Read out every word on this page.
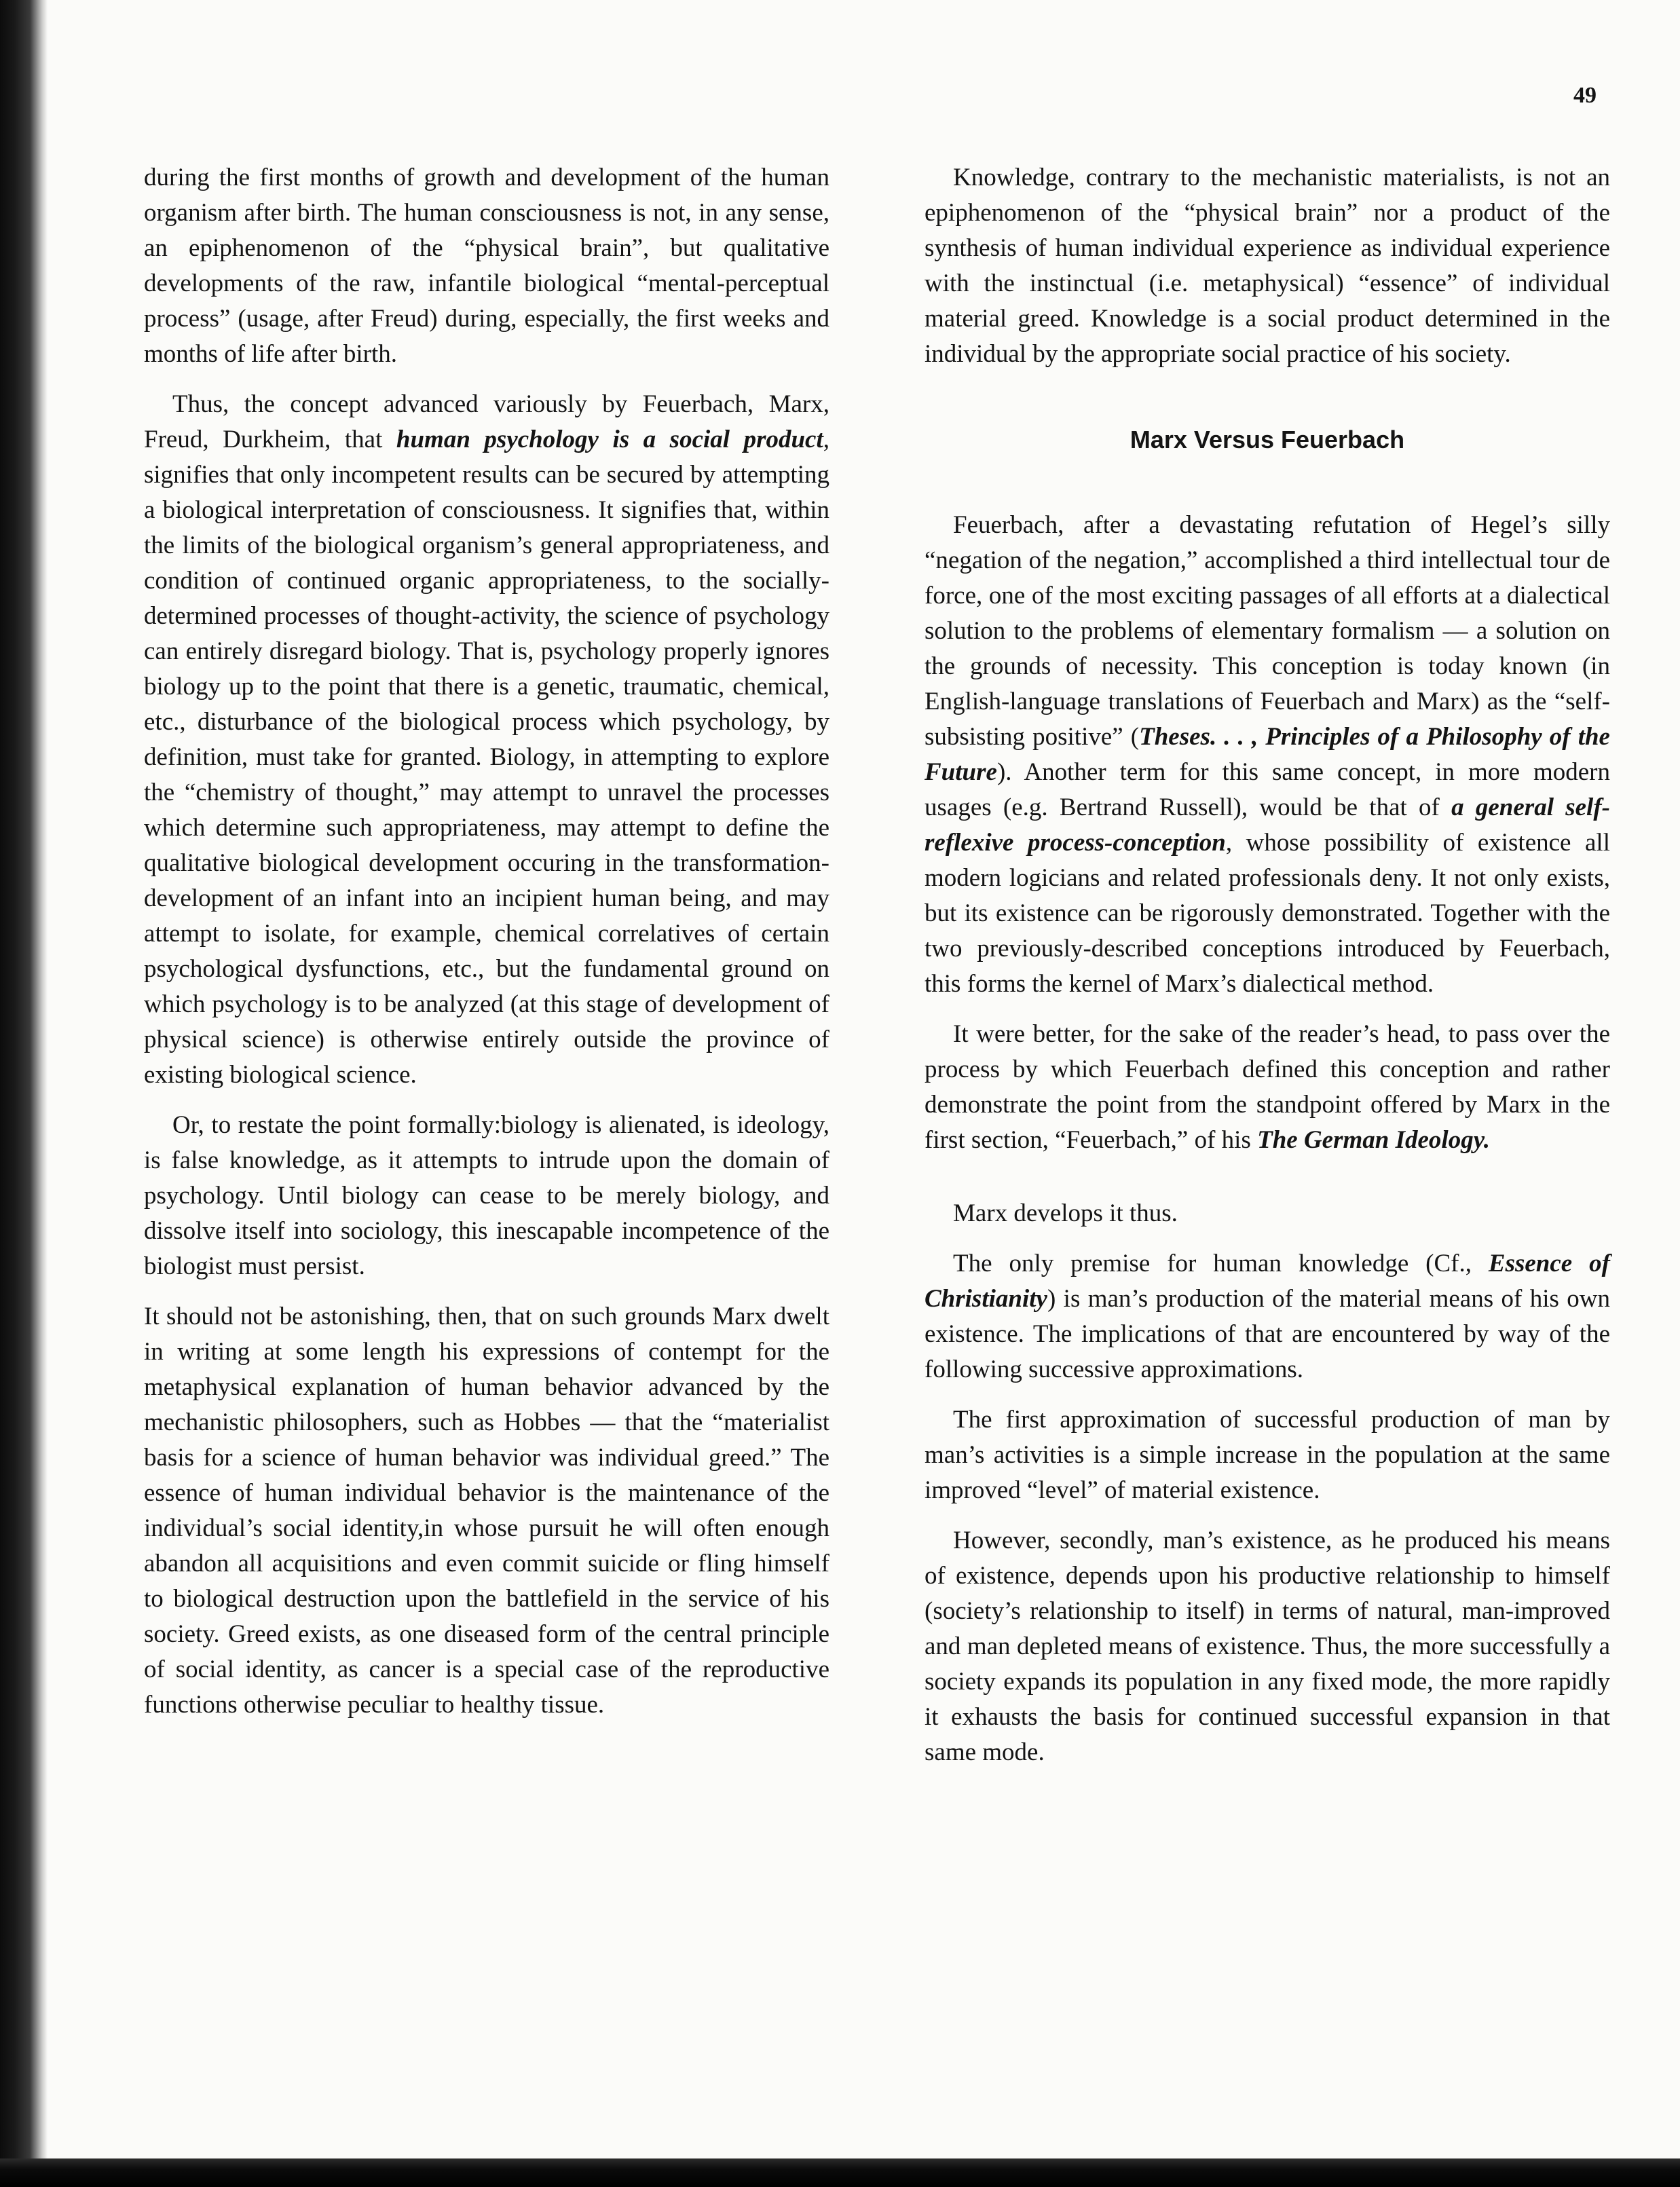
49

during the first months of growth and development of the human organism after birth. The human consciousness is not, in any sense, an epiphenomenon of the “physical brain”, but qualitative developments of the raw, infantile biological “mental-perceptual process” (usage, after Freud) during, especially, the first weeks and months of life after birth.

Thus, the concept advanced variously by Feuerbach, Marx, Freud, Durkheim, that human psychology is a social product, signifies that only incompetent results can be secured by attempting a biological interpretation of consciousness. It signifies that, within the limits of the biological organism’s general appropriateness, and condition of continued organic appropriateness, to the socially-determined processes of thought-activity, the science of psychology can entirely disregard biology. That is, psychology properly ignores biology up to the point that there is a genetic, traumatic, chemical, etc., disturbance of the biological process which psychology, by definition, must take for granted. Biology, in attempting to explore the “chemistry of thought,” may attempt to unravel the processes which determine such appropriateness, may attempt to define the qualitative biological development occuring in the transformation-development of an infant into an incipient human being, and may attempt to isolate, for example, chemical correlatives of certain psychological dysfunctions, etc., but the fundamental ground on which psychology is to be analyzed (at this stage of development of physical science) is otherwise entirely outside the province of existing biological science.

Or, to restate the point formally:biology is alienated, is ideology, is false knowledge, as it attempts to intrude upon the domain of psychology. Until biology can cease to be merely biology, and dissolve itself into sociology, this inescapable incompetence of the biologist must persist.

It should not be astonishing, then, that on such grounds Marx dwelt in writing at some length his expressions of contempt for the metaphysical explanation of human behavior advanced by the mechanistic philosophers, such as Hobbes — that the “materialist basis for a science of human behavior was individual greed.” The essence of human individual behavior is the maintenance of the individual’s social identity,in whose pursuit he will often enough abandon all acquisitions and even commit suicide or fling himself to biological destruction upon the battlefield in the service of his society. Greed exists, as one diseased form of the central principle of social identity, as cancer is a special case of the reproductive functions otherwise peculiar to healthy tissue.

Knowledge, contrary to the mechanistic materialists, is not an epiphenomenon of the “physical brain” nor a product of the synthesis of human individual experience as individual experience with the instinctual (i.e. metaphysical) “essence” of individual material greed. Knowledge is a social product determined in the individual by the appropriate social practice of his society.

Marx Versus Feuerbach

Feuerbach, after a devastating refutation of Hegel’s silly “negation of the negation,” accomplished a third intellectual tour de force, one of the most exciting passages of all efforts at a dialectical solution to the problems of elementary formalism — a solution on the grounds of necessity. This conception is today known (in English-language translations of Feuerbach and Marx) as the “self-subsisting positive” (Theses. . . , Principles of a Philosophy of the Future). Another term for this same concept, in more modern usages (e.g. Bertrand Russell), would be that of a general self-reflexive process-conception, whose possibility of existence all modern logicians and related professionals deny. It not only exists, but its existence can be rigorously demonstrated. Together with the two previously-described conceptions introduced by Feuerbach, this forms the kernel of Marx’s dialectical method.

It were better, for the sake of the reader’s head, to pass over the process by which Feuerbach defined this conception and rather demonstrate the point from the standpoint offered by Marx in the first section, “Feuerbach,” of his The German Ideology.

Marx develops it thus.

The only premise for human knowledge (Cf., Essence of Christianity) is man’s production of the material means of his own existence. The implications of that are encountered by way of the following successive approximations.

The first approximation of successful production of man by man’s activities is a simple increase in the population at the same improved “level” of material existence.

However, secondly, man’s existence, as he produced his means of existence, depends upon his productive relationship to himself (society’s relationship to itself) in terms of natural, man-improved and man depleted means of existence. Thus, the more successfully a society expands its population in any fixed mode, the more rapidly it exhausts the basis for continued successful expansion in that same mode.
